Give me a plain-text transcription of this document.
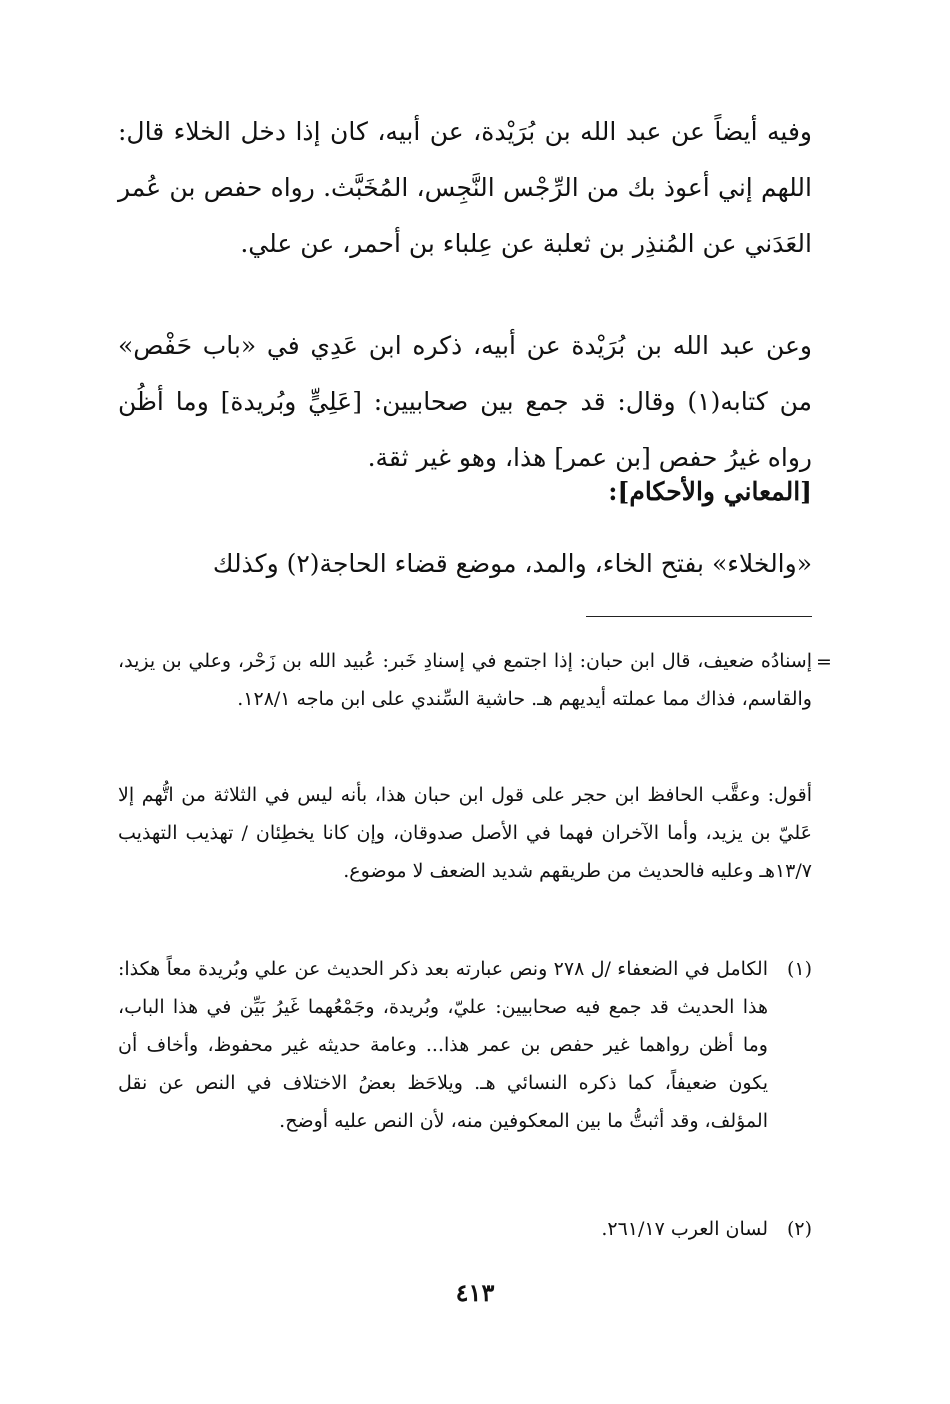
وفيه أيضاً عن عبد الله بن بُرَيْدة، عن أبيه، كان إذا دخل الخلاء قال: اللهم إني أعوذ بك من الرِّجْس النَّجِس، المُخَبَّث. رواه حفص بن عُمر العَدَني عن المُنذِر بن ثعلبة عن عِلباء بن أحمر، عن علي.
وعن عبد الله بن بُرَيْدة عن أبيه، ذكره ابن عَدِي في «باب حَفْص» من كتابه(١) وقال: قد جمع بين صحابيين: [عَلِيٍّ وبُريدة] وما أظُن رواه غيرُ حفص [بن عمر] هذا، وهو غير ثقة.
[المعاني والأحكام]:
«والخلاء» بفتح الخاء، والمد، موضع قضاء الحاجة(٢) وكذلك
=
إسنادُه ضعيف، قال ابن حبان: إذا اجتمع في إسنادِ خَبر: عُبيد الله بن زَحْر، وعلي بن يزيد، والقاسم، فذاك مما عملته أيديهم هـ. حاشية السِّندي على ابن ماجه ١٢٨/١.
أقول: وعقَّب الحافظ ابن حجر على قول ابن حبان هذا، بأنه ليس في الثلاثة من اتُّهم إلا عَليّ بن يزيد، وأما الآخران فهما في الأصل صدوقان، وإن كانا يخطِئان / تهذيب التهذيب ١٣/٧هـ وعليه فالحديث من طريقهم شديد الضعف لا موضوع.
(١)
الكامل في الضعفاء /ل ٢٧٨ ونص عبارته بعد ذكر الحديث عن علي وبُريدة معاً هكذا: هذا الحديث قد جمع فيه صحابيين: عليّ، وبُريدة، وجَمْعُهما غَيرُ بَيِّن في هذا الباب، وما أظن رواهما غير حفص بن عمر هذا... وعامة حديثه غير محفوظ، وأخاف أن يكون ضعيفاً، كما ذكره النسائي هـ. ويلاحَظ بعضُ الاختلاف في النص عن نقل المؤلف، وقد أثبتُّ ما بين المعكوفين منه، لأن النص عليه أوضح.
(٢)
لسان العرب ٢٦١/١٧.
٤١٣
